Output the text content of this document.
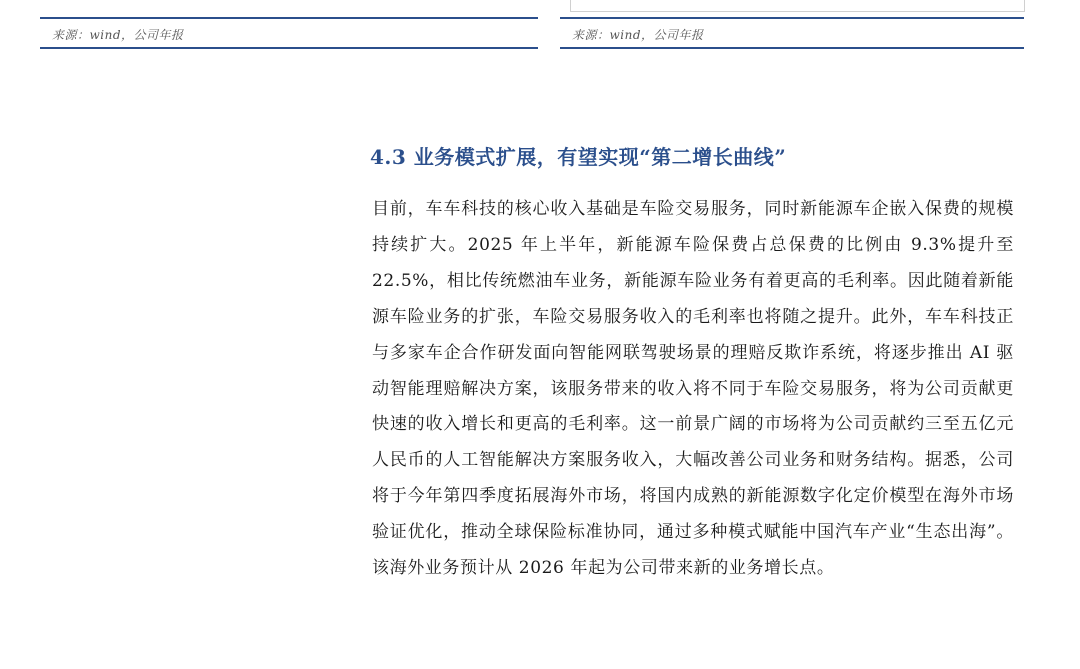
来源：wind，公司年报	来源：wind，公司年报
4.3 业务模式扩展，有望实现“第二增长曲线”

目前，车车科技的核心收入基础是车险交易服务，同时新能源车企嵌入保费的规模持续扩大。2025 年上半年，新能源车险保费占总保费的比例由 9.3%提升至 22.5%，相比传统燃油车业务，新能源车险业务有着更高的毛利率。因此随着新能源车险业务的扩张，车险交易服务收入的毛利率也将随之提升。此外，车车科技正与多家车企合作研发面向智能网联驾驶场景的理赔反欺诈系统，将逐步推出 AI 驱动智能理赔解决方案，该服务带来的收入将不同于车险交易服务，将为公司贡献更快速的收入增长和更高的毛利率。这一前景广阔的市场将为公司贡献约三至五亿元人民币的人工智能解决方案服务收入，大幅改善公司业务和财务结构。据悉，公司将于今年第四季度拓展海外市场，将国内成熟的新能源数字化定价模型在海外市场验证优化，推动全球保险标准协同，通过多种模式赋能中国汽车产业“生态出海”。该海外业务预计从 2026 年起为公司带来新的业务增长点。
